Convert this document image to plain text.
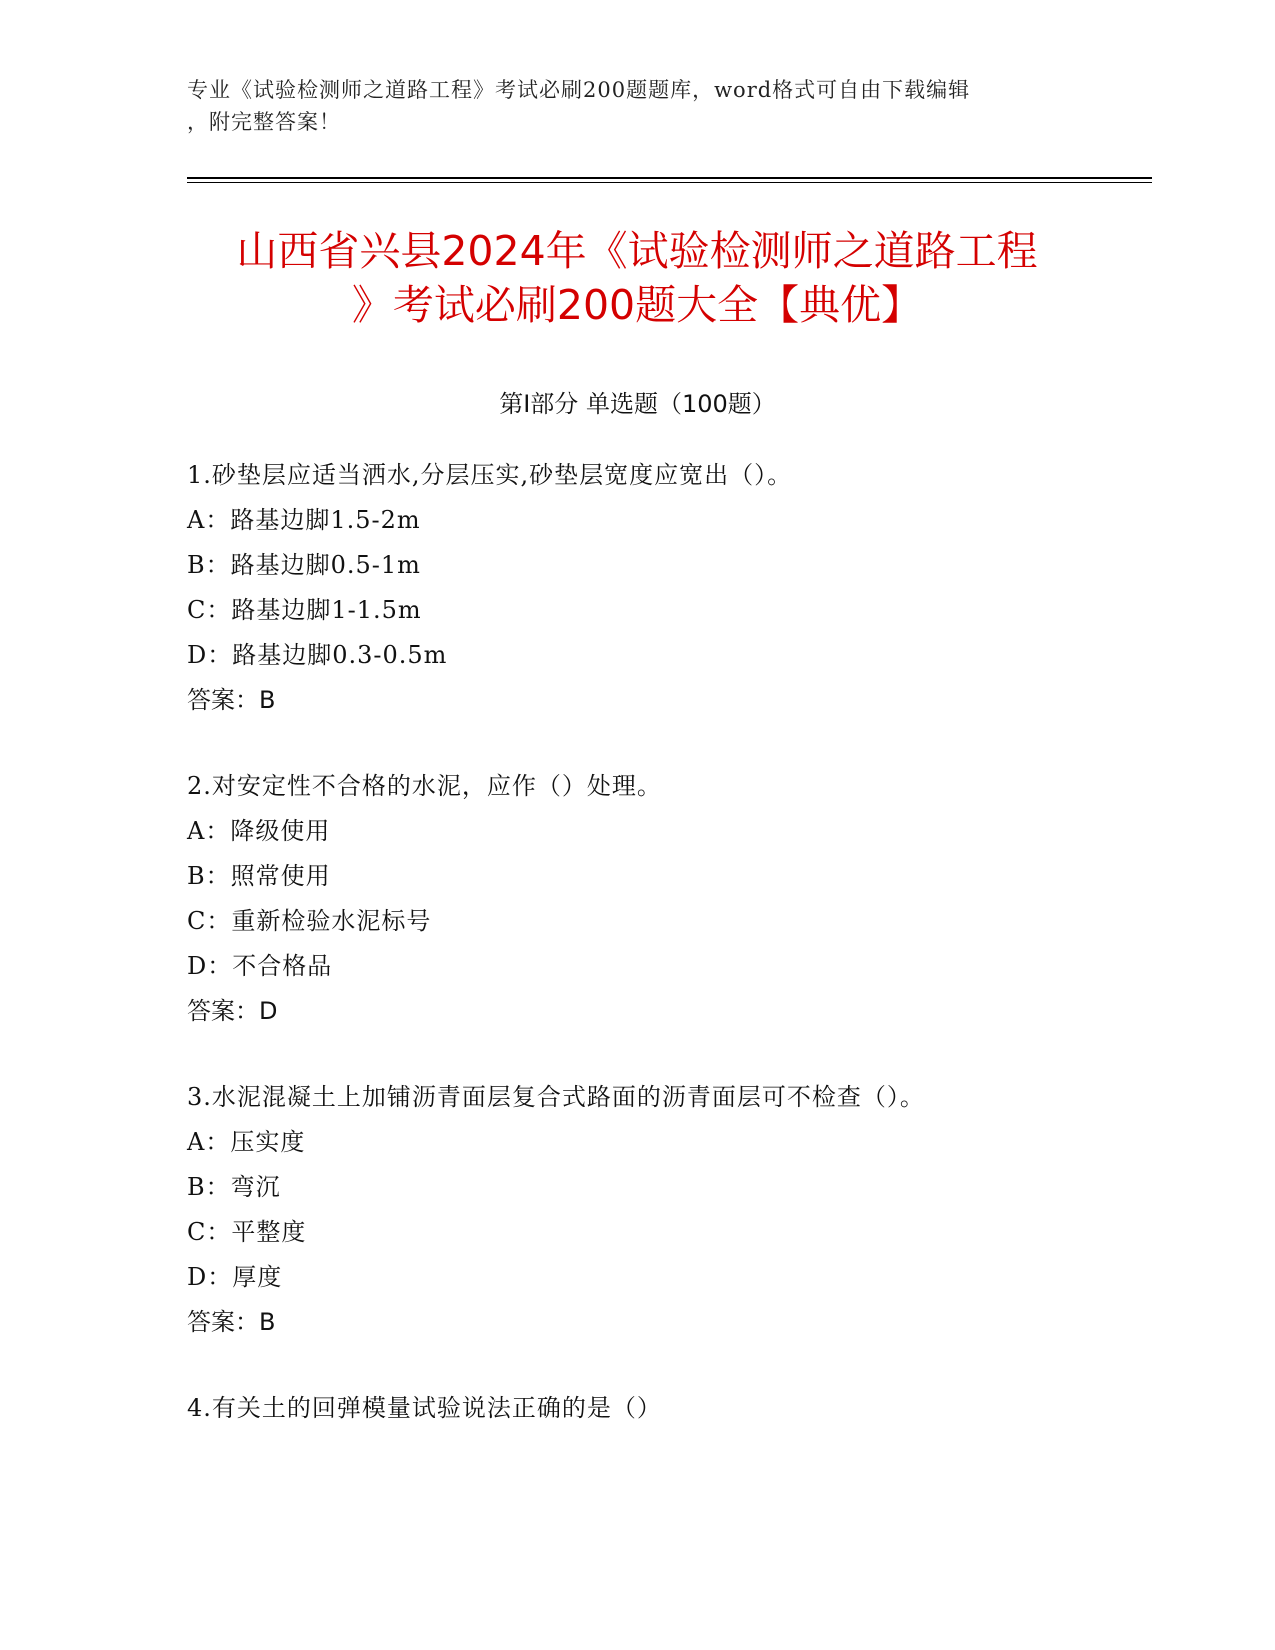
专业《试验检测师之道路工程》考试必刷200题题库，word格式可自由下载编辑
，附完整答案！
山西省兴县2024年《试验检测师之道路工程
》考试必刷200题大全【典优】
第Ⅰ部分 单选题（100题）
1.砂垫层应适当洒水,分层压实,砂垫层宽度应宽出（）。
A：路基边脚1.5-2m
B：路基边脚0.5-1m
C：路基边脚1-1.5m
D：路基边脚0.3-0.5m
答案：B
2.对安定性不合格的水泥，应作（）处理。
A：降级使用
B：照常使用
C：重新检验水泥标号
D：不合格品
答案：D
3.水泥混凝土上加铺沥青面层复合式路面的沥青面层可不检查（）。
A：压实度
B：弯沉
C：平整度
D：厚度
答案：B
4.有关土的回弹模量试验说法正确的是（）
